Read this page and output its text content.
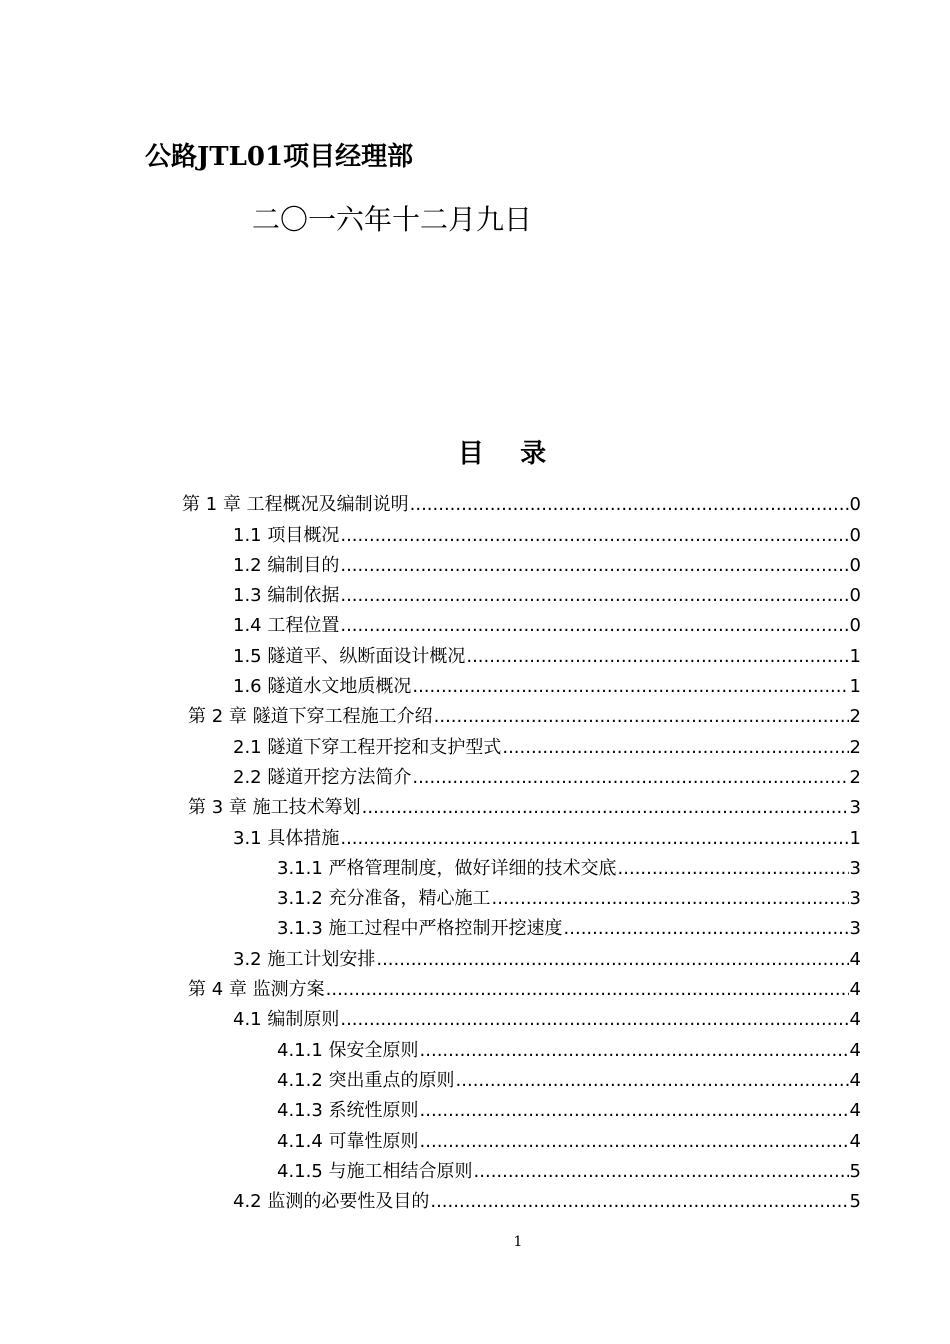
公路JTL01项目经理部
二〇一六年十二月九日
目    录
第 1 章 工程概况及编制说明 .....	0
1.1 项目概况 .....	0
1.2 编制目的 .....	0
1.3 编制依据 .....	0
1.4 工程位置 .....	0
1.5 隧道平、纵断面设计概况 .....	1
1.6 隧道水文地质概况 .....	1
第 2 章 隧道下穿工程施工介绍 .....	2
2.1 隧道下穿工程开挖和支护型式 .....	2
2.2 隧道开挖方法简介 .....	2
第 3 章 施工技术筹划 .....	3
3.1 具体措施 .....	1
3.1.1 严格管理制度，做好详细的技术交底 .....	3
3.1.2 充分准备，精心施工 .....	3
3.1.3 施工过程中严格控制开挖速度 .....	3
3.2 施工计划安排 .....	4
第 4 章 监测方案 .....	4
4.1 编制原则 .....	4
4.1.1 保安全原则 .....	4
4.1.2 突出重点的原则 .....	4
4.1.3 系统性原则 .....	4
4.1.4 可靠性原则 .....	4
4.1.5 与施工相结合原则 .....	5
4.2 监测的必要性及目的 .....	5
1
